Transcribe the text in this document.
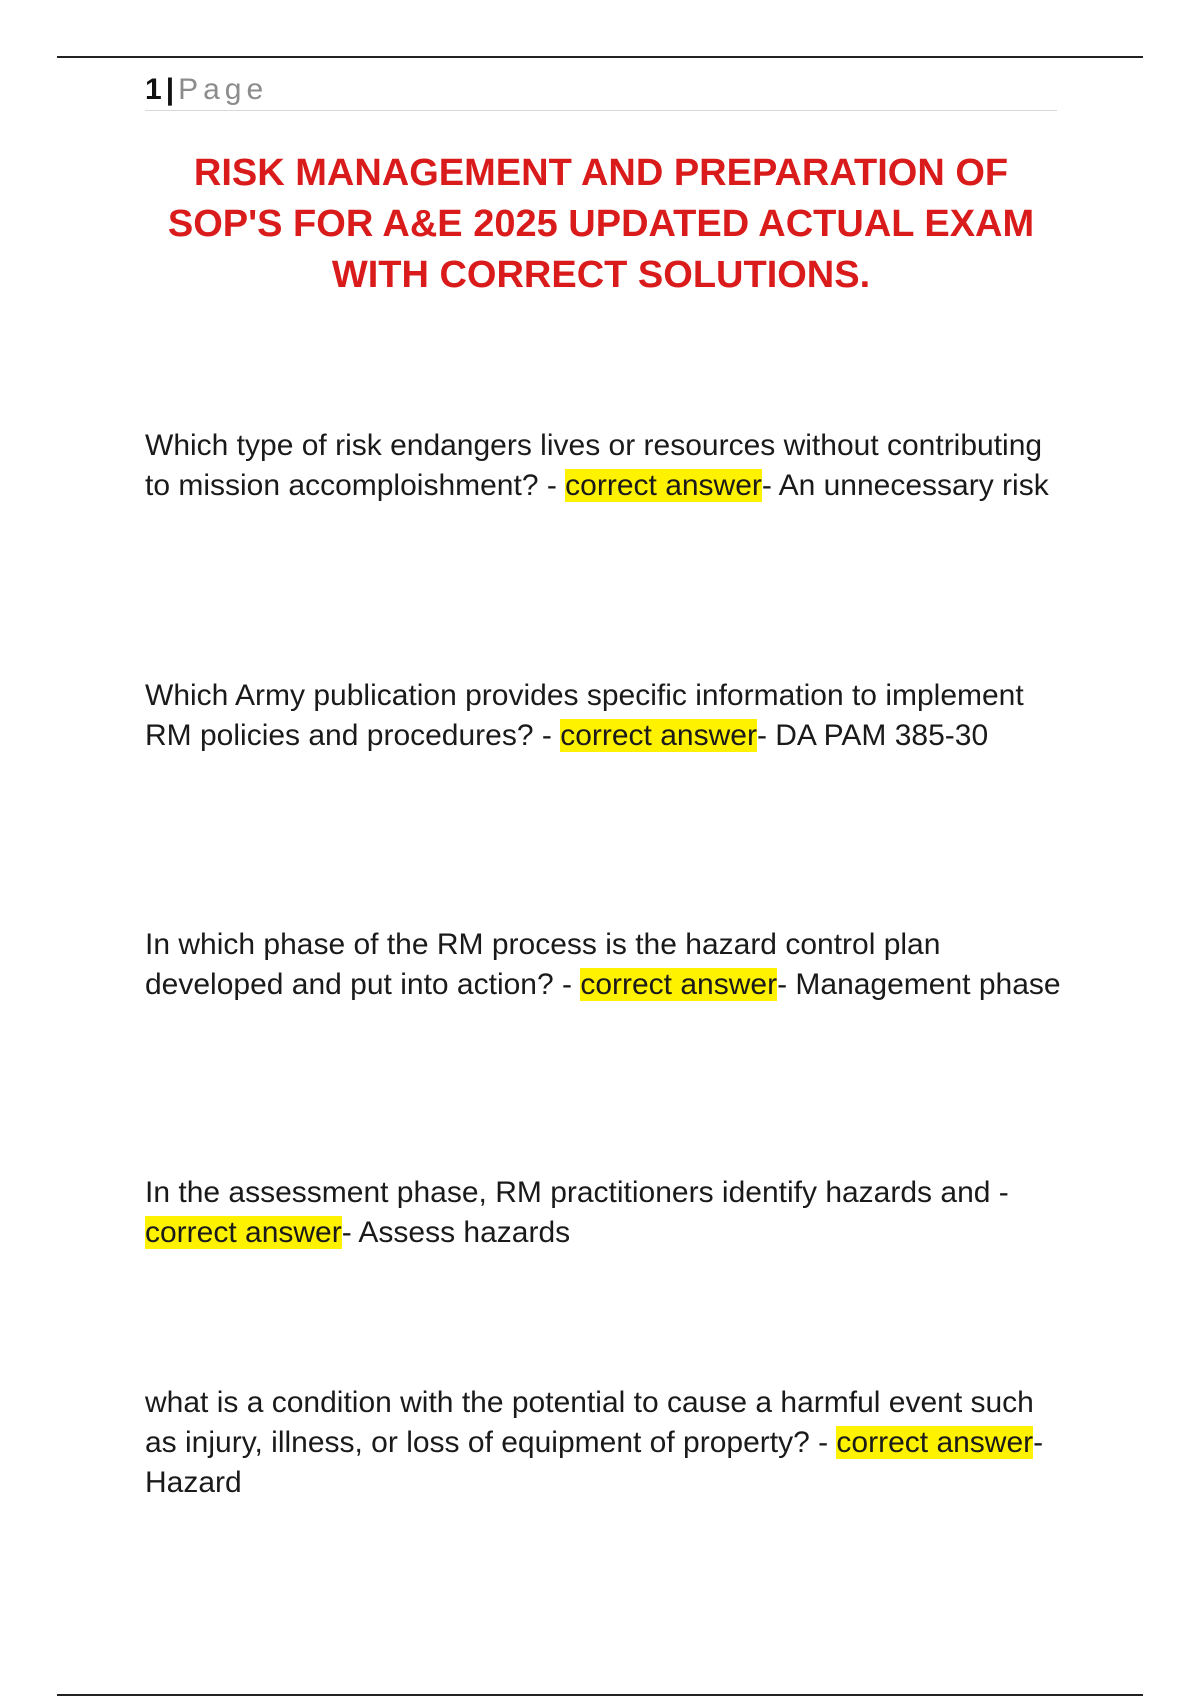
1 | Page
RISK MANAGEMENT AND PREPARATION OF SOP'S FOR A&E 2025 UPDATED ACTUAL EXAM WITH CORRECT SOLUTIONS.

Which type of risk endangers lives or resources without contributing to mission accomploishment? - correct answer- An unnecessary risk

Which Army publication provides specific information to implement RM policies and procedures? - correct answer- DA PAM 385-30

In which phase of the RM process is the hazard control plan developed and put into action? - correct answer- Management phase

In the assessment phase, RM practitioners identify hazards and - correct answer- Assess hazards

what is a condition with the potential to cause a harmful event such as injury, illness, or loss of equipment of property? - correct answer- Hazard
